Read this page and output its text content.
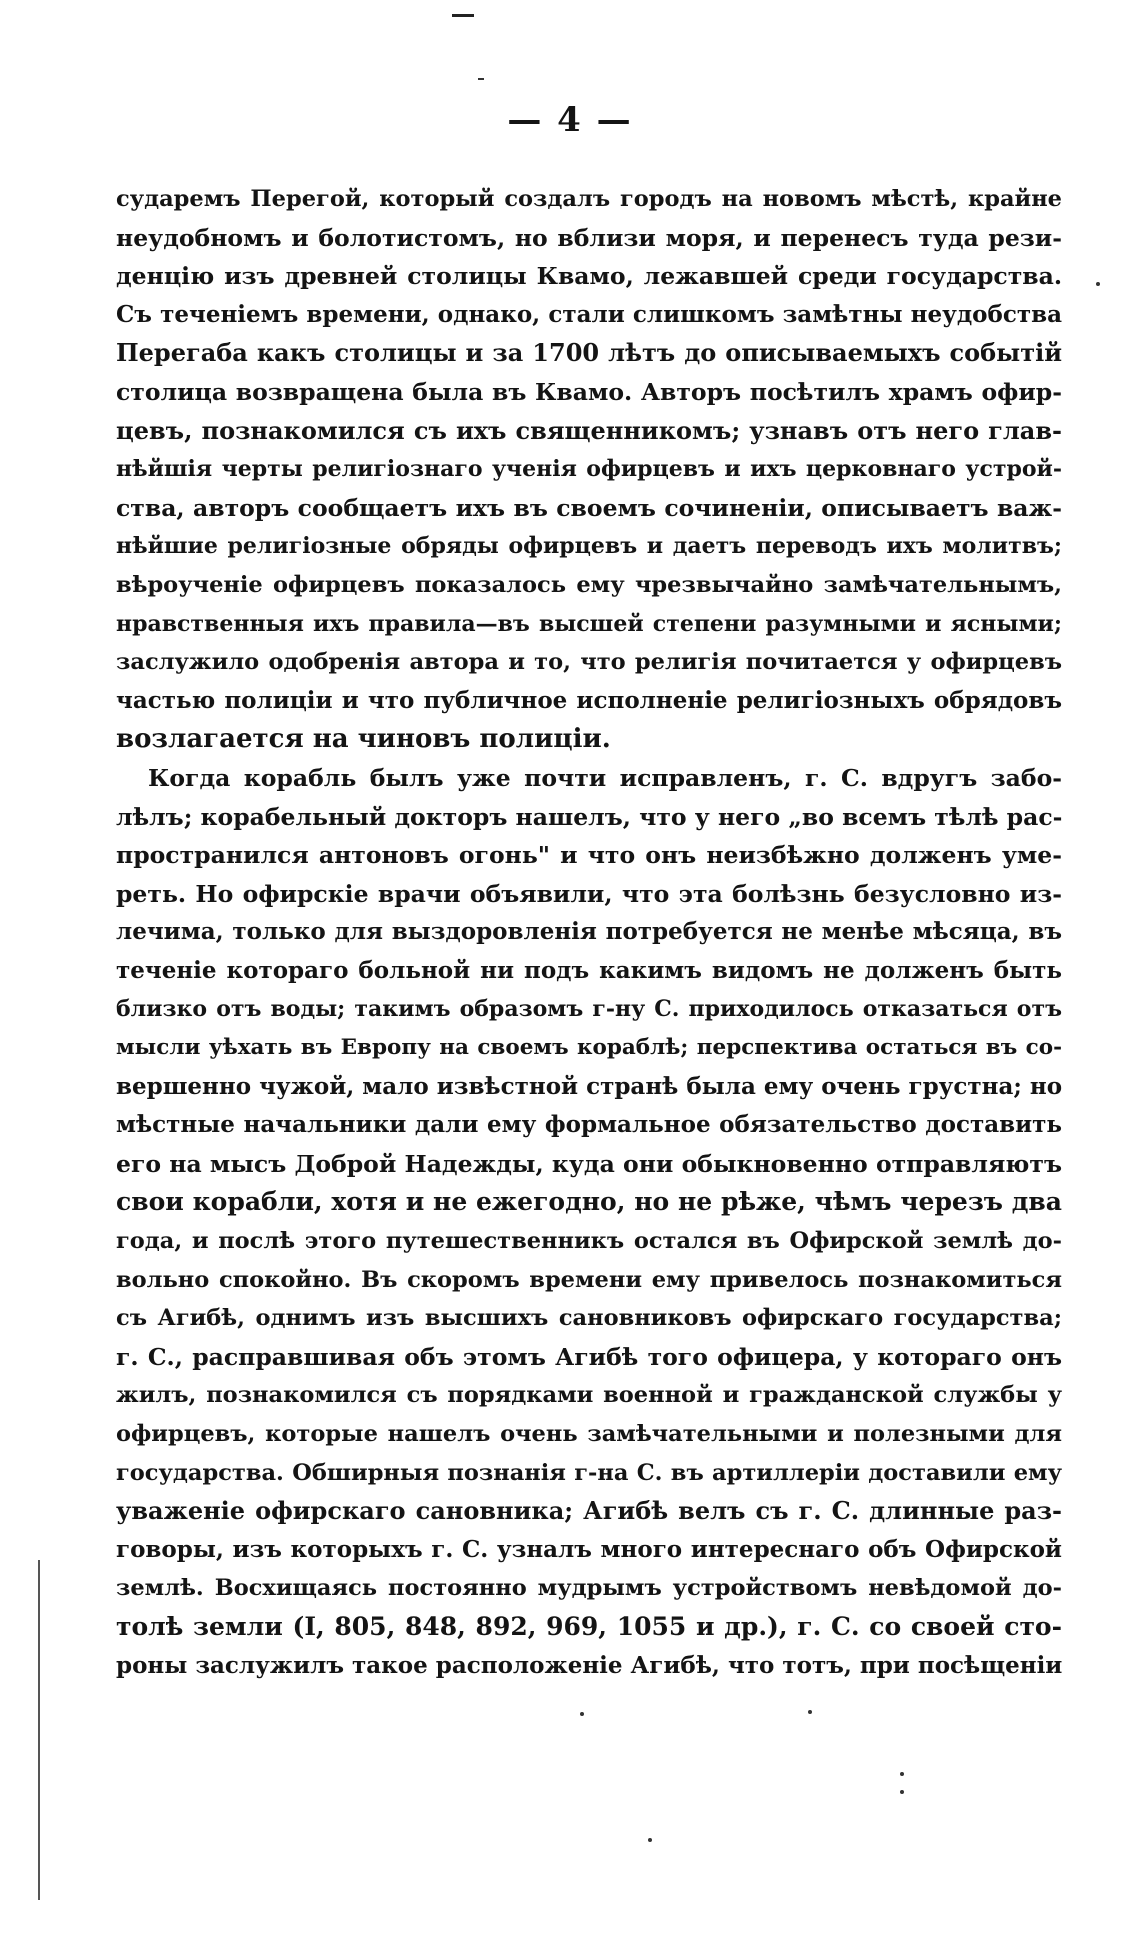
— 4 —
сударемъ Перегой, который создалъ городъ на новомъ мѣстѣ, крайне
неудобномъ и болотистомъ, но вблизи моря, и перенесъ туда рези-
денцію изъ древней столицы Квамо, лежавшей среди государства.
Съ теченіемъ времени, однако, стали слишкомъ замѣтны неудобства
Перегаба какъ столицы и за 1700 лѣтъ до описываемыхъ событій
столица возвращена была въ Квамо. Авторъ посѣтилъ храмъ офир-
цевъ, познакомился съ ихъ священникомъ; узнавъ отъ него глав-
нѣйшія черты религіознаго ученія офирцевъ и ихъ церковнаго устрой-
ства, авторъ сообщаетъ ихъ въ своемъ сочиненіи, описываетъ важ-
нѣйшие религіозные обряды офирцевъ и даетъ переводъ ихъ молитвъ;
вѣроученіе офирцевъ показалось ему чрезвычайно замѣчательнымъ,
нравственныя ихъ правила—въ высшей степени разумными и ясными;
заслужило одобренія автора и то, что религія почитается у офирцевъ
частью полиціи и что публичное исполненіе религіозныхъ обрядовъ
возлагается на чиновъ полиціи.
Когда корабль былъ уже почти исправленъ, г. С. вдругъ забо-
лѣлъ; корабельный докторъ нашелъ, что у него „во всемъ тѣлѣ рас-
пространился антоновъ огонь" и что онъ неизбѣжно долженъ уме-
реть. Но офирскіе врачи объявили, что эта болѣзнь безусловно из-
лечима, только для выздоровленія потребуется не менѣе мѣсяца, въ
теченіе котораго больной ни подъ какимъ видомъ не долженъ быть
близко отъ воды; такимъ образомъ г-ну С. приходилось отказаться отъ
мысли уѣхать въ Европу на своемъ кораблѣ; перспектива остаться въ со-
вершенно чужой, мало извѣстной странѣ была ему очень грустна; но
мѣстные начальники дали ему формальное обязательство доставить
его на мысъ Доброй Надежды, куда они обыкновенно отправляютъ
свои корабли, хотя и не ежегодно, но не рѣже, чѣмъ черезъ два
года, и послѣ этого путешественникъ остался въ Офирской землѣ до-
вольно спокойно. Въ скоромъ времени ему привелось познакомиться
съ Агибѣ, однимъ изъ высшихъ сановниковъ офирскаго государства;
г. С., расправшивая объ этомъ Агибѣ того офицера, у котораго онъ
жилъ, познакомился съ порядками военной и гражданской службы у
офирцевъ, которые нашелъ очень замѣчательными и полезными для
государства. Обширныя познанія г-на С. въ артиллеріи доставили ему
уваженіе офирскаго сановника; Агибѣ велъ съ г. С. длинные раз-
говоры, изъ которыхъ г. С. узналъ много интереснаго объ Офирской
землѣ. Восхищаясь постоянно мудрымъ устройствомъ невѣдомой до-
толѣ земли (I, 805, 848, 892, 969, 1055 и др.), г. С. со своей сто-
роны заслужилъ такое расположеніе Агибѣ, что тотъ, при посѣщеніи
